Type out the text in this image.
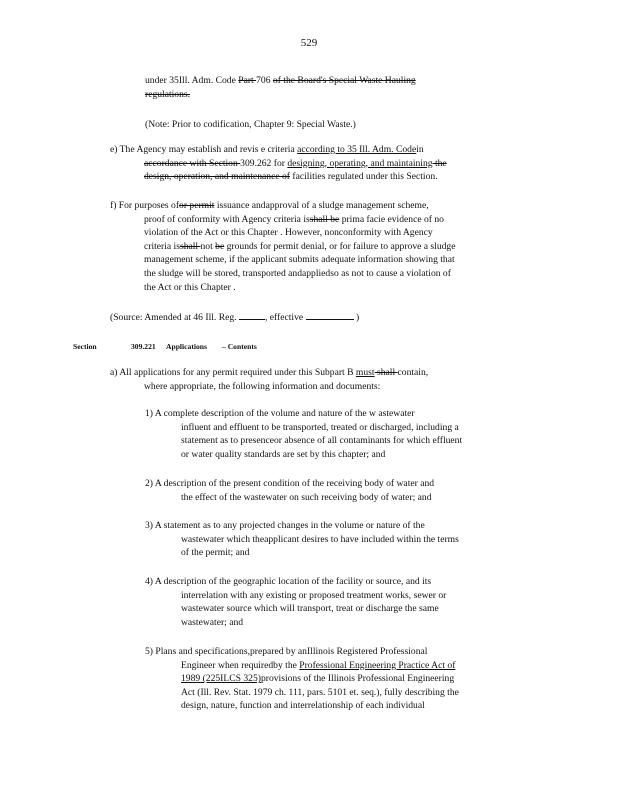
529
under 35Ill. Adm. Code Part 706 of the Board's Special Waste Hauling
regulations.
(Note: Prior to codification, Chapter 9: Special Waste.)
e) The Agency may establish and revis e criteria according to 35 Ill. Adm. Codein
accordance with Section 309.262 for designing, operating, and maintaining the
design, operation, and maintenance of facilities regulated under this Section.
f) For purposes ofor permit issuance andapproval of a sludge management scheme,
proof of conformity with Agency criteria isshall be prima facie evidence of no
violation of the Act or this Chapter . However, nonconformity with Agency
criteria isshall not be grounds for permit denial, or for failure to approve a sludge
management scheme, if the applicant submits adequate information showing that
the sludge will be stored, transported andappliedso as not to cause a violation of
the Act or this Chapter .
(Source: Amended at 46 Ill. Reg.	, effective	)
Section	309.221 Applications – Contents
a) All applications for any permit required under this Subpart B must shall contain,
where appropriate, the following information and documents:
1) A complete description of the volume and nature of the w astewater
influent and effluent to be transported, treated or discharged, including a
statement as to presenceor absence of all contaminants for which effluent
or water quality standards are set by this chapter; and
2) A description of the present condition of the receiving body of water and
the effect of the wastewater on such receiving body of water; and
3) A statement as to any projected changes in the volume or nature of the
wastewater which theapplicant desires to have included within the terms
of the permit; and
4) A description of the geographic location of the facility or source, and its
interrelation with any existing or proposed treatment works, sewer or
wastewater source which will transport, treat or discharge the same
wastewater; and
5) Plans and specifications,prepared by anIllinois Registered Professional
Engineer when requiredby the Professional Engineering Practice Act of
1989 (225ILCS 325)provisions of the Illinois Professional Engineering
Act (Ill. Rev. Stat. 1979 ch. 111, pars. 5101 et. seq.), fully describing the
design, nature, function and interrelationship of each individual
